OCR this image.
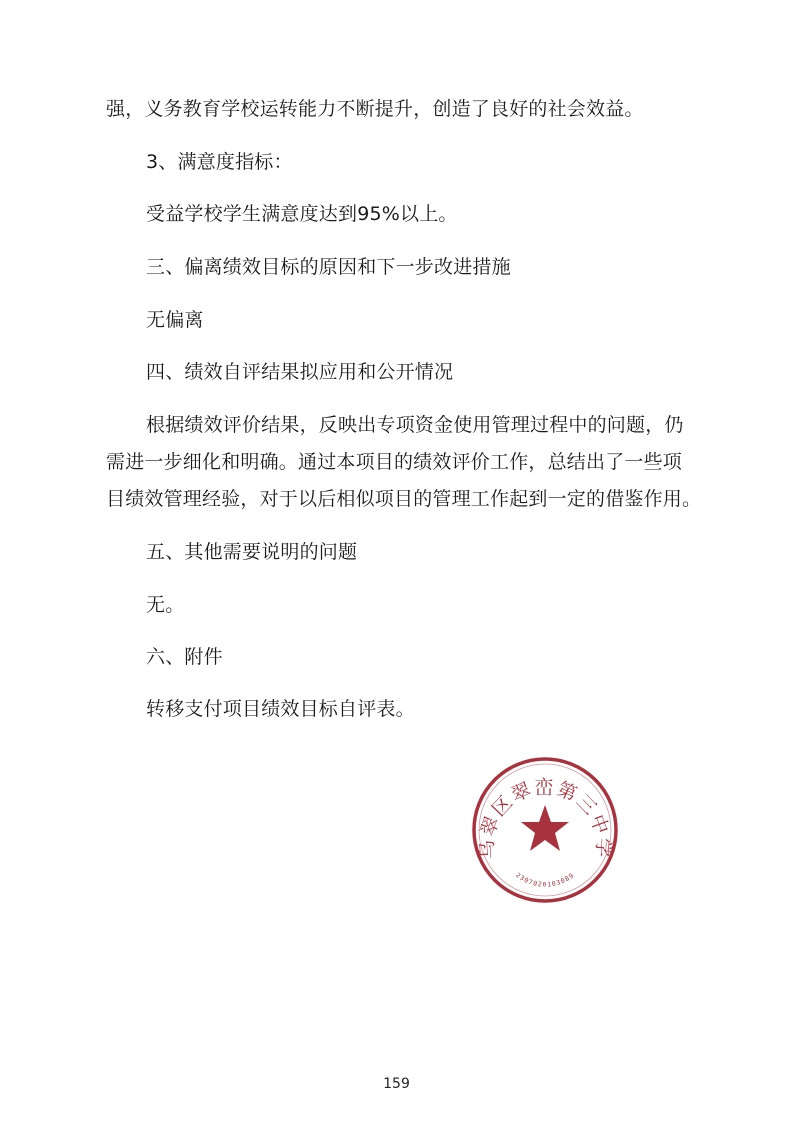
强，义务教育学校运转能力不断提升，创造了良好的社会效益。
3、满意度指标：
受益学校学生满意度达到95%以上。
三、偏离绩效目标的原因和下一步改进措施
无偏离
四、绩效自评结果拟应用和公开情况
根据绩效评价结果，反映出专项资金使用管理过程中的问题，仍
需进一步细化和明确。通过本项目的绩效评价工作，总结出了一些项
目绩效管理经验，对于以后相似项目的管理工作起到一定的借鉴作用。
五、其他需要说明的问题
无。
六、附件
转移支付项目绩效目标自评表。
乌翠区翠峦第三中学
2307020103089
159
